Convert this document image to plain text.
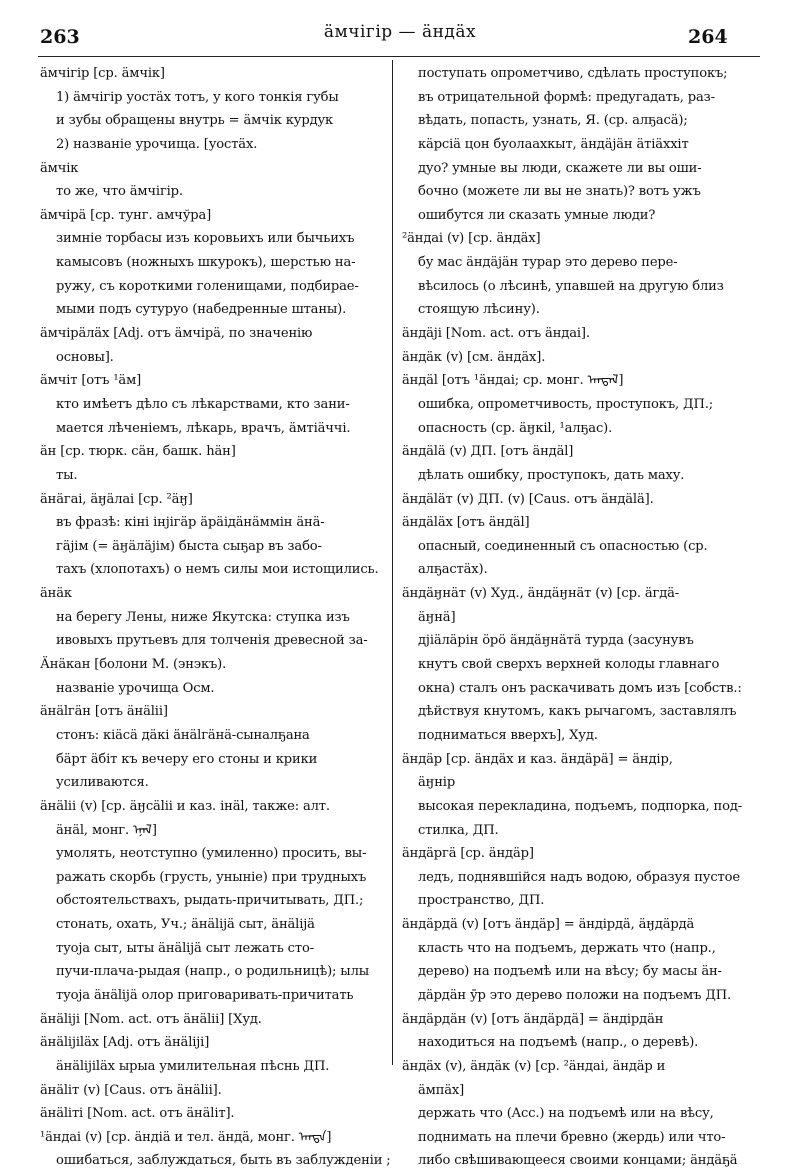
263	ӓмчігір — ӓндӓх	264
ӓмчігір [ср. ӓмчік]
1) ӓмчігір уостӓх тотъ, у кого тонкія губы
и зубы обращены внутрь = ӓмчік курдук
2) названіе урочища. [уостӓх.
ӓмчік
то же, что ӓмчігір.
ӓмчірӓ [ср. тунг. амчўра]
зимніе торбасы изъ коровьихъ или бычьихъ
камысовъ (ножныхъ шкурокъ), шерстью на-
ружу, съ короткими голенищами, подбирае-
мыми подъ сутуруо (набедренные штаны).
ӓмчірӓлӓх [Adj. отъ ӓмчірӓ, по значенію
основы].
ӓмчіт [отъ ¹ӓм]
кто имѣетъ дѣло съ лѣкарствами, кто зани-
мается лѣченіемъ, лѣкарь, врачъ, ӓмтіӓччі.
ӓн [ср. тюрк. сӓн, башк. һӓн]
ты.
ӓнӓгаі, ӓӈӓлаі [ср. ²ӓӈ]
въ фразѣ: кіні інјігӓр ӓрӓідӓнӓммін ӓнӓ-
гӓјім (= ӓӈӓлӓјім) быста сыҕар въ забо-
тахъ (хлопотахъ) о немъ силы мои истощились.
ӓнӓк
на берегу Лены, ниже Якутска: ступка изъ
ивовыхъ прутьевъ для толченія древесной за-
Ӓнӓкан [болони М. (энэкъ).
названіе урочища Осм.
ӓнӓlгӓн [отъ ӓнӓlіі]
стонъ: кіӓсӓ дӓкі ӓнӓlгӓнӓ-сыналҕана
бӓрт ӓбіт къ вечеру его стоны и крики
усиливаются.
ӓнӓlіі (v) [ср. ӓӈсӓlіі и каз. інӓl, также: алт.
ӓнӓl, монг. ᠡᠨᠡᠯ]
умолять, неотступно (умиленно) просить, вы-
ражать скорбь (грусть, уныніе) при трудныхъ
обстоятельствахъ, рыдать-причитывать, ДП.;
стонать, охать, Уч.; ӓнӓlіјӓ сыт, ӓнӓlіјӓ
туоја сыт, ыты ӓнӓlіјӓ сыт лежать сто-
пучи-плача-рыдая (напр., о родильницѣ); ылы
туоја ӓнӓlіјӓ олор приговаривать-причитать
ӓнӓlіjі [Nom. act. отъ ӓнӓlіі] [Худ.
ӓнӓlіjіlӓх [Adj. отъ ӓнӓlіjі]
ӓнӓlіjіlӓх ырыа умилительная пѣснь ДП.
ӓнӓlіт (v) [Caus. отъ ӓнӓlіі].
ӓнӓlіті [Nom. act. отъ ӓнӓlіт].
¹ӓндаі (v) [ср. ӓндіӓ и тел. ӓндӓ, монг. ᠠᠨᠳᠠ]
ошибаться, заблуждаться, быть въ заблужденіи ;
поступать опрометчиво, сдѣлать проступокъ;
въ отрицательной формѣ: предугадать, раз-
вѣдать, попасть, узнать, Я. (ср. алҕасӓ);
кӓрсіӓ цон буолаахкыт, ӓндӓјӓн ӓтіӓххіт
дуо? умные вы люди, скажете ли вы оши-
бочно (можете ли вы не знать)? вотъ ужъ
ошибутся ли сказать умные люди?
²ӓндаі (v) [ср. ӓндӓх]
бу мас ӓндӓјӓн турар это дерево пере-
вѣсилось (о лѣсинѣ, упавшей на другую близ
стоящую лѣсину).
ӓндӓјі [Nom. act. отъ ӓндаі].
ӓндӓк (v) [см. ӓндӓх].
ӓндӓl [отъ ¹ӓндаі; ср. монг. ᠠᠨᠳᠠᠯ]
ошибка, опрометчивость, проступокъ, ДП.;
опасность (ср. ӓӈкіl, ¹алҕас).
ӓндӓlӓ (v) ДП. [отъ ӓндӓl]
дѣлать ошибку, проступокъ, дать маху.
ӓндӓlӓт (v) ДП. (v) [Caus. отъ ӓндӓlӓ].
ӓндӓlӓх [отъ ӓндӓl]
опасный, соединенный съ опасностью (ср.
алҕастӓх).
ӓндӓӈнӓт (v) Худ., ӓндӓӈнӓт (v) [ср. ӓгдӓ-
ӓӈнӓ]
дјіӓлӓрін ӧрӧ ӓндӓӈнӓтӓ турда (засунувъ
кнутъ свой сверхъ верхней колоды главнаго
окна) сталъ онъ раскачивать домъ изъ [собств.:
дѣйствуя кнутомъ, какъ рычагомъ, заставлялъ
подниматься вверхъ], Худ.
ӓндӓр [ср. ӓндӓх и каз. ӓндӓрӓ] = ӓндір,
ӓӈнір
высокая перекладина, подъемъ, подпорка, под-
стилка, ДП.
ӓндӓргӓ [ср. ӓндӓр]
ледъ, поднявшійся надъ водою, образуя пустое
пространство, ДП.
ӓндӓрдӓ (v) [отъ ӓндӓр] = ӓндірдӓ, ӓӈдӓрдӓ
класть что на подъемъ, держать что (напр.,
дерево) на подъемѣ или на вѣсу; бу масы ӓн-
дӓрдӓн ӯр это дерево положи на подъемъ ДП.
ӓндӓрдӓн (v) [отъ ӓндӓрдӓ] = ӓндірдӓн
находиться на подъемѣ (напр., о деревѣ).
ӓндӓх (v), ӓндӓк (v) [ср. ²ӓндаі, ӓндӓр и
ӓмпӓх]
держать что (Acc.) на подъемѣ или на вѣсу,
поднимать на плечи бревно (жердь) или что-
либо свѣшивающееся своими концами; ӓндӓҕӓ
